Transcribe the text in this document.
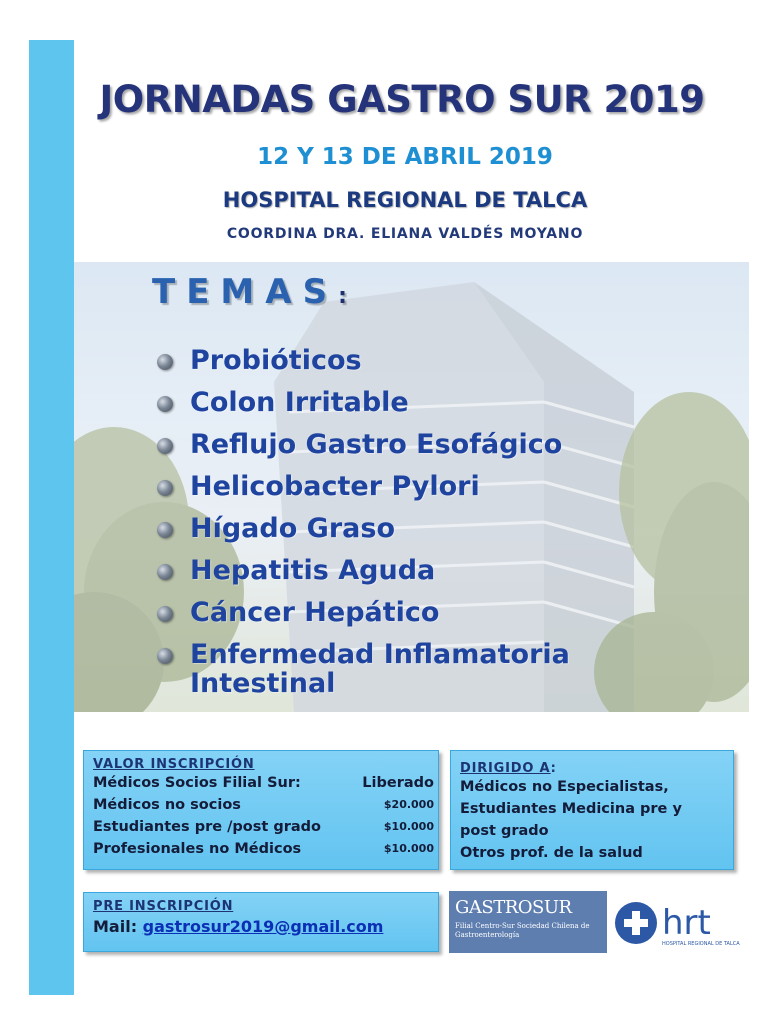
JORNADAS GASTRO SUR 2019
12 Y 13 DE ABRIL 2019
HOSPITAL REGIONAL DE TALCA
COORDINA DRA. ELIANA VALDÉS MOYANO
TEMAS:
Probióticos
Colon Irritable
Reflujo Gastro Esofágico
Helicobacter Pylori
Hígado Graso
Hepatitis Aguda
Cáncer Hepático
Enfermedad Inflamatoria
Intestinal
VALOR INSCRIPCIÓN
Médicos Socios Filial Sur:	Liberado
Médicos no socios	$20.000
Estudiantes pre /post grado	$10.000
Profesionales no Médicos	$10.000
DIRIGIDO A:
Médicos no Especialistas,
Estudiantes Medicina pre y
post grado
Otros prof. de la salud
PRE INSCRIPCIÓN
Mail: gastrosur2019@gmail.com
GASTROSUR
Filial Centro-Sur Sociedad Chilena de Gastroenterología	hrt
HOSPITAL REGIONAL DE TALCA
